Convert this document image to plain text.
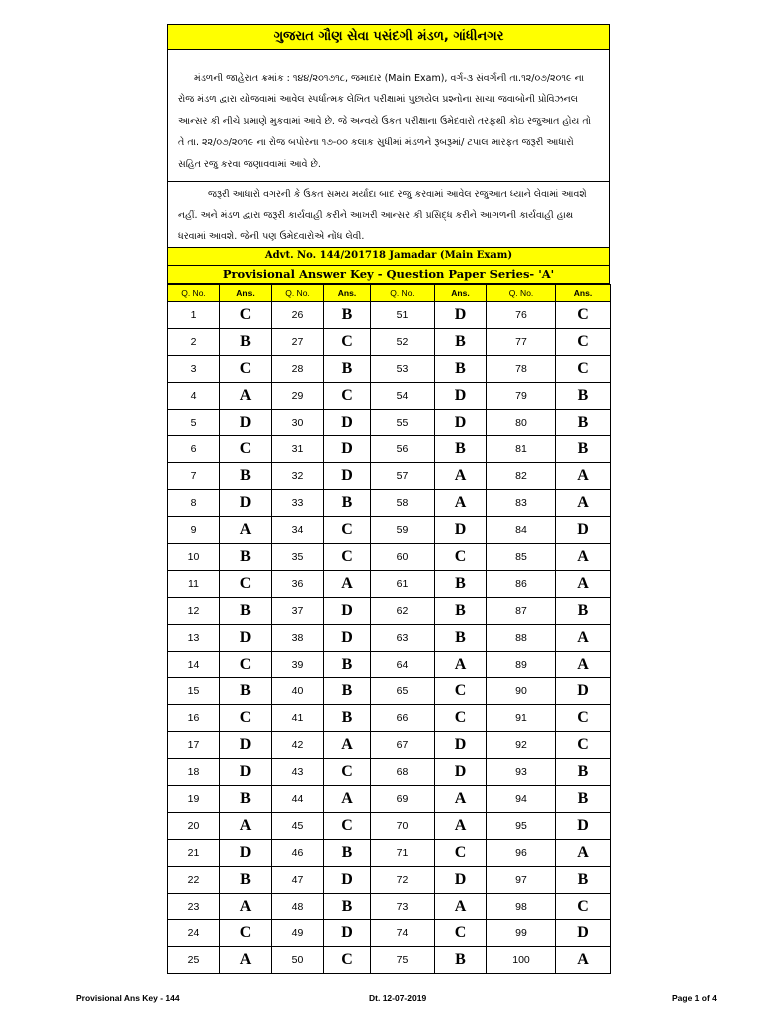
ગુજરાત ગૌણ સેવા પસંદગી મંડળ, ગાંધીનગર
મંડળની જાહેરાત ક્રમાંક : ૧૪૪/૨૦૧૭૧૮, જમાદાર (Main Exam), વર્ગ-૩ સંવર્ગની તા.૧૨/૦૭/૨૦૧૯ ના રોજ મંડળ દ્વારા યોજવામાં આવેલ સ્પર્ધાત્મક લેખિત પરીક્ષામાં પુછાયેલ પ્રશ્નોના સાચા જવાબોની પ્રોવિઝનલ આન્સર કી નીચે પ્રમાણે મુકવામાં આવે છે. જે અન્વયે ઉકત પરીક્ષાના ઉમેદવારો તરફથી કોઇ રજુઆત હોય તો તે તા. ૨૨/૦૭/૨૦૧૯ ના રોજ બપોરના ૧૭-૦૦ કલાક સુધીમાં મંડળને રૂબરૂમાં/ ટપાલ મારફત જરૂરી આધારો સહિત રજુ કરવા જણાવવામાં આવે છે.
જરૂરી આધારો વગરની કે ઉકત સમય મર્યાદા બાદ રજુ કરવામાં આવેલ રજુઆત ધ્યાને લેવામાં આવશે નહીં. અને મંડળ દ્વારા જરૂરી કાર્યવાહી કરીને આખરી આન્સર કી પ્રસિદ્ધ કરીને આગળની કાર્યવાહી હાથ ધરવામાં આવશે. જેની પણ ઉમેદવારોએ નોંધ લેવી.
Advt. No. 144/201718 Jamadar (Main Exam)
Provisional Answer Key - Question Paper Series- 'A'
Q. No.	Ans.	Q. No.	Ans.	Q. No.	Ans.	Q. No.	Ans.
1	C	26	B	51	D	76	C
2	B	27	C	52	B	77	C
3	C	28	B	53	B	78	C
4	A	29	C	54	D	79	B
5	D	30	D	55	D	80	B
6	C	31	D	56	B	81	B
7	B	32	D	57	A	82	A
8	D	33	B	58	A	83	A
9	A	34	C	59	D	84	D
10	B	35	C	60	C	85	A
11	C	36	A	61	B	86	A
12	B	37	D	62	B	87	B
13	D	38	D	63	B	88	A
14	C	39	B	64	A	89	A
15	B	40	B	65	C	90	D
16	C	41	B	66	C	91	C
17	D	42	A	67	D	92	C
18	D	43	C	68	D	93	B
19	B	44	A	69	A	94	B
20	A	45	C	70	A	95	D
21	D	46	B	71	C	96	A
22	B	47	D	72	D	97	B
23	A	48	B	73	A	98	C
24	C	49	D	74	C	99	D
25	A	50	C	75	B	100	A
Provisional Ans Key - 144	Dt. 12-07-2019	Page 1 of 4
